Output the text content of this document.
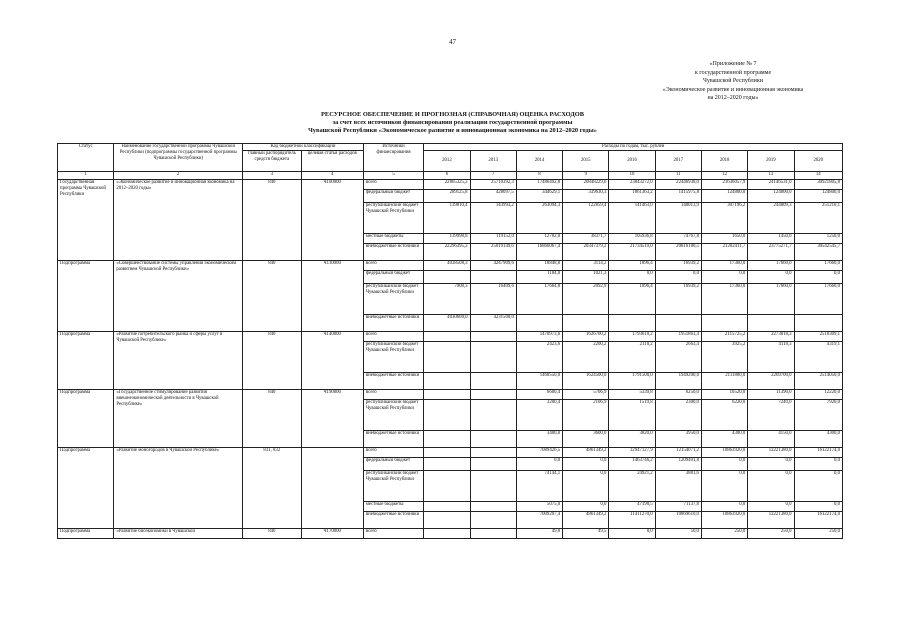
47
«Приложение № 7
к государственной программе
Чувашской Республики
«Экономическое развитие и инновационная экономика
на 2012–2020 годы»
РЕСУРСНОЕ ОБЕСПЕЧЕНИЕ И ПРОГНОЗНАЯ (СПРАВОЧНАЯ) ОЦЕНКА РАСХОДОВ
за счет всех источников финансирования реализации государственной программы
Чувашской Республики «Экономическое развитие и инновационная экономика на 2012–2020 годы»
Статус	Наименование государственной программы Чувашской Республики (подпрограммы государственной программы Чувашской Республики)	Код бюджетной классификации		Источники финансирования	Расходы по годам, тыс. рублей								
		главный распорядитель средств бюджета	целевая статья расходов		2012	2013	2014	2015	2016	2017	2018	2019	2020
1	2	3	4	5	6	7	8	9	10	11	12	13	14
Государственная программа Чувашской Республики	«Экономическое развитие и инновационная экономика на 2012–2020 годы»	840	Ч100000	всего	22865325,2	25710392,3	17486492,8	20848229,6	23843272,0	22446938,0	21636057,9	24146531,0	30921805,8
				федеральный бюджет	289125,8	428097,5	344629,1	339630,3	1861363,2	1415975,8	124800,0	124800,0	124800,0
				республиканский бюджет Чувашской Республики	139810,4	143993,2	263094,3	122859,4	141463,0	140013,9	307196,2	244809,3	251210,1
				местные бюджеты	139998,8	119152,0	12702,0	38371,7	105936,8	74767,8	1650,0	1450,0	1250,0
				внебюджетные источники	22296395,2	25019149,6	16866067,4	20347379,2	21734519,0	20816180,5	21202411,7	23775271,7	30542545,7
Подпрограмма	«Совершенствование системы управления экономическим развитием Чувашской Республики»	840	Ч110000	всего	4038508,3	4247909,6	18848,8	3114,2	1896,4	16939,2	17360,0	17660,0	17660,0
				федеральный бюджет			1184,0	1021,3	0,0	0,0	0,0	0,0	0,0
				республиканский бюджет Чувашской Республики	7908,3	16409,6	17664,8	2092,9	1896,4	16939,2	17360,0	17660,0	17660,0
				внебюджетные источники	4030600,0	4231500,0							
Подпрограмма	«Развитие потребительского рынка и сферы услуг в Чувашской Республике»	840	Ч140000	всего			1470973,6	1626700,2	1793610,2	1951863,4	2115725,2	2273818,3	2518309,1
				республиканский бюджет Чувашской Республики			2423,6	2200,2	2110,2	2663,4	3925,2	4118,3	4319,1
				внебюджетные источники			1468550,0	1624500,0	1791500,0	1949200,0	2111800,0	2269700,0	2514050,0
Подпрограмма	«Государственное стимулирование развития внешнеэкономической деятельности в Чувашской Республике»	840	Ч190000	всего			6600,4	5706,9	5339,8	6250,0	10520,0	11390,0	12220,0
				республиканский бюджет Чувашской Республики			3200,4	2106,9	1519,8	2300,0	6220,0	7240,0	7920,0
				внебюджетные источники			3400,0	3600,0	3820,0	3950,0	4300,0	4150,0	4300,0
Подпрограмма	«Развитие моногородов в Чувашской Республике»	831, 832		всего			7089426,5	4861349,2	12947127,9	12154071,2	10863920,0	12221380,0	16122174,0
				федеральный бюджет			0,0	0,0	1463746,2	1209401,8	0,0	0,0	0,0
				республиканский бюджет Чувашской Республики			74144,1	0,0	24921,2	3881,6	0,0	0,0	0,0
				местные бюджеты			5075,0	0,0	47190,5	71137,8	0,0	0,0	0,0
				внебюджетные источники			7009207,4	4861349,2	11411270,0	10869610,0	10863920,0	12221380,0	16122174,0
Подпрограмма	«Развитие биоэкономики в Чувашской	840	Ч170000	всего			49,8	49,5	0,0	50,0	250,0	250,0	250,0
